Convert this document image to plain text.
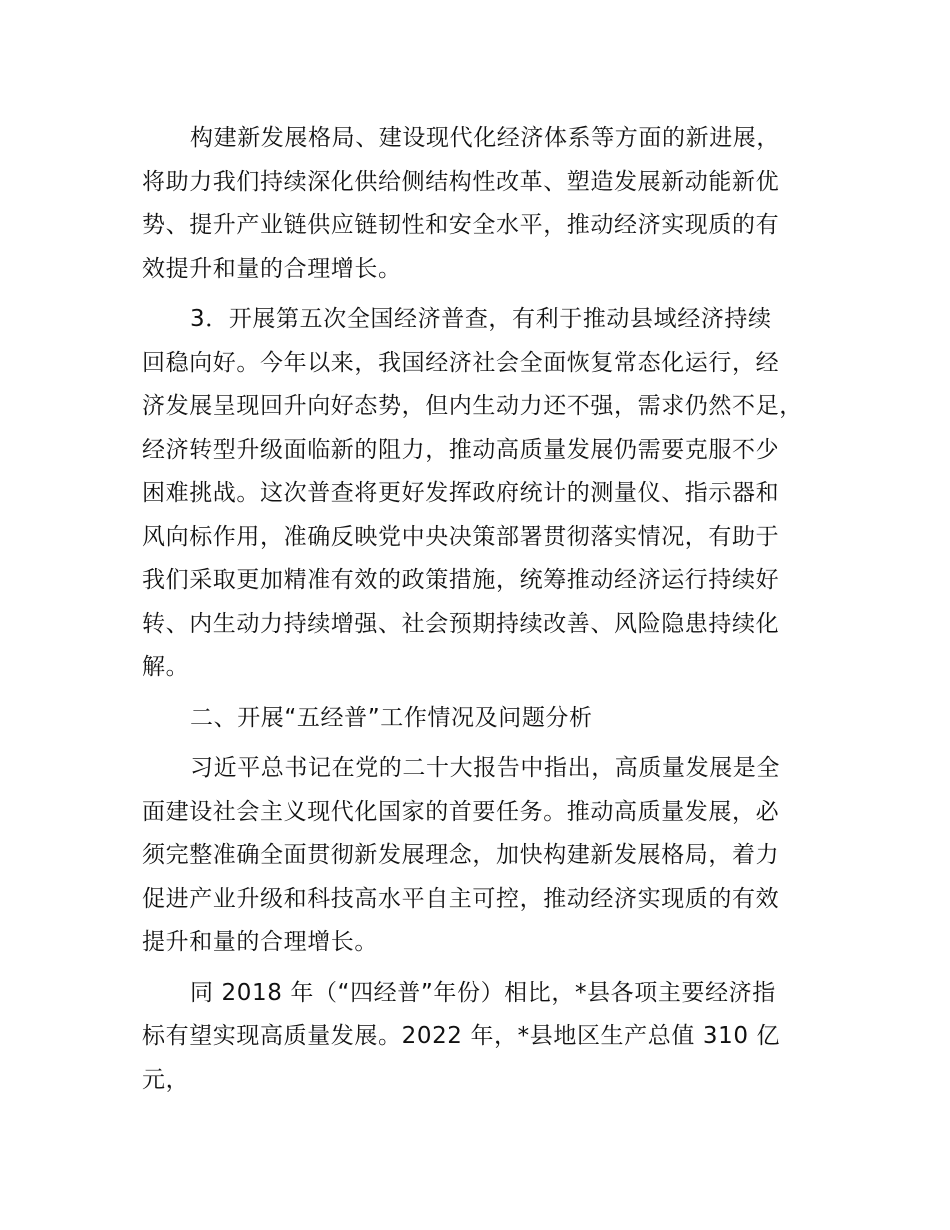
构建新发展格局、建设现代化经济体系等方面的新进展，
将助力我们持续深化供给侧结构性改革、塑造发展新动能新优
势、提升产业链供应链韧性和安全水平，推动经济实现质的有
效提升和量的合理增长。
3．开展第五次全国经济普查，有利于推动县域经济持续
回稳向好。今年以来，我国经济社会全面恢复常态化运行，经
济发展呈现回升向好态势，但内生动力还不强，需求仍然不足，
经济转型升级面临新的阻力，推动高质量发展仍需要克服不少
困难挑战。这次普查将更好发挥政府统计的测量仪、指示器和
风向标作用，准确反映党中央决策部署贯彻落实情况，有助于
我们采取更加精准有效的政策措施，统筹推动经济运行持续好
转、内生动力持续增强、社会预期持续改善、风险隐患持续化
解。
二、开展“五经普”工作情况及问题分析
习近平总书记在党的二十大报告中指出，高质量发展是全
面建设社会主义现代化国家的首要任务。推动高质量发展，必
须完整准确全面贯彻新发展理念，加快构建新发展格局，着力
促进产业升级和科技高水平自主可控，推动经济实现质的有效
提升和量的合理增长。
同 2018 年（“四经普”年份）相比，*县各项主要经济指
标有望实现高质量发展。2022 年，*县地区生产总值 310 亿
元，
